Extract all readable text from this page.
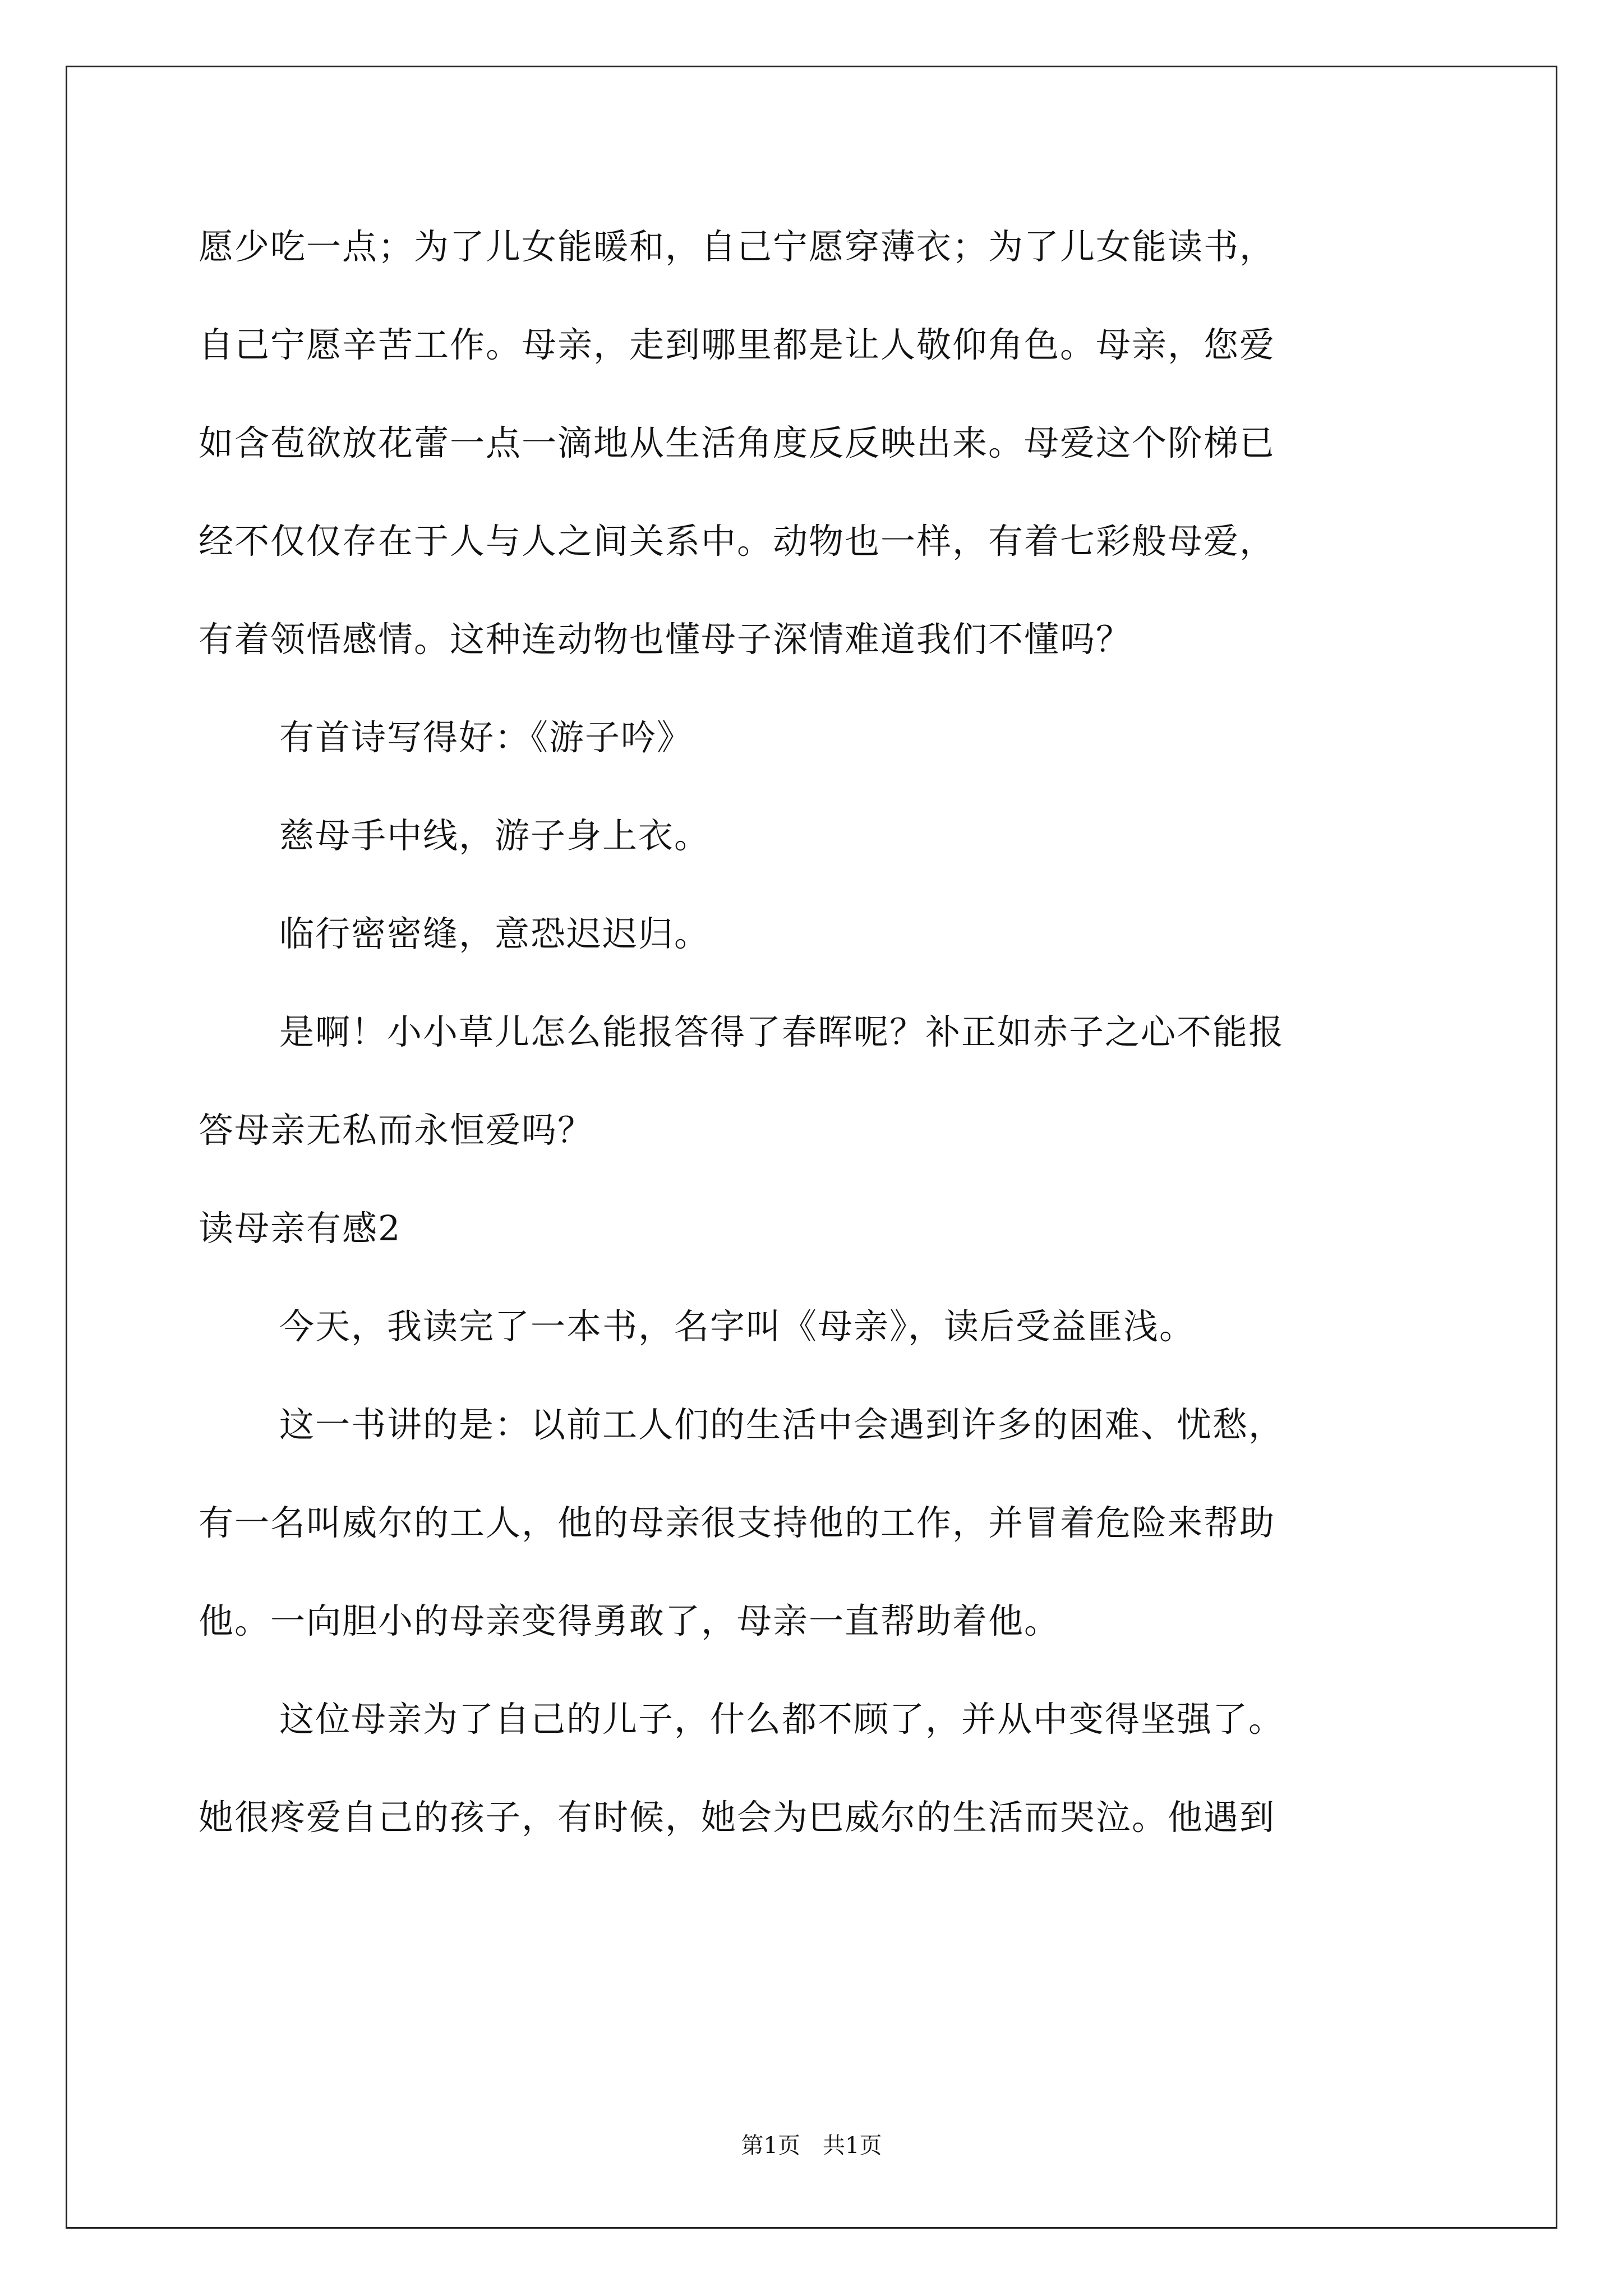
愿少吃一点；为了儿女能暖和，自己宁愿穿薄衣；为了儿女能读书，
自己宁愿辛苦工作。母亲，走到哪里都是让人敬仰角色。母亲，您爱
如含苞欲放花蕾一点一滴地从生活角度反反映出来。母爱这个阶梯已
经不仅仅存在于人与人之间关系中。动物也一样，有着七彩般母爱，
有着领悟感情。这种连动物也懂母子深情难道我们不懂吗？
有首诗写得好：《游子吟》
慈母手中线，游子身上衣。
临行密密缝，意恐迟迟归。
是啊！小小草儿怎么能报答得了春晖呢？补正如赤子之心不能报
答母亲无私而永恒爱吗？
读母亲有感2
今天，我读完了一本书，名字叫《母亲》，读后受益匪浅。
这一书讲的是：以前工人们的生活中会遇到许多的困难、忧愁，
有一名叫威尔的工人，他的母亲很支持他的工作，并冒着危险来帮助
他。一向胆小的母亲变得勇敢了，母亲一直帮助着他。
这位母亲为了自己的儿子，什么都不顾了，并从中变得坚强了。
她很疼爱自己的孩子，有时候，她会为巴威尔的生活而哭泣。他遇到
第1页　共1页
